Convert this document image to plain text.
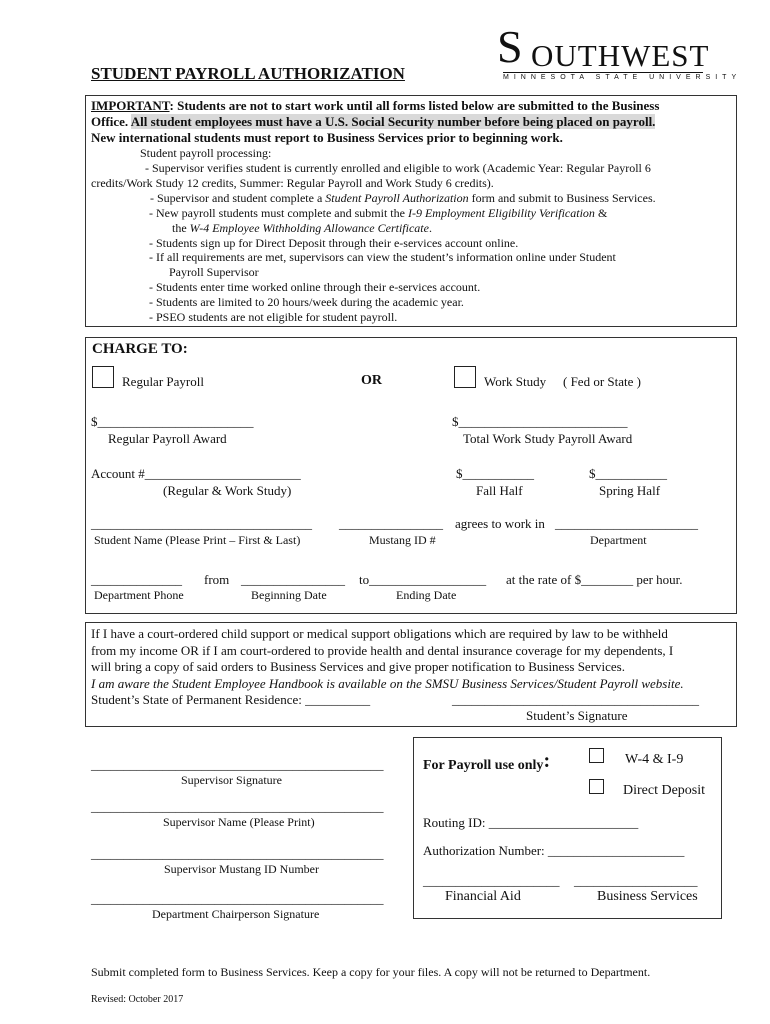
S OUTHWEST
MINNESOTA STATE UNIVERSITY
STUDENT PAYROLL AUTHORIZATION
IMPORTANT: Students are not to start work until all forms listed below are submitted to the Business
Office. All student employees must have a U.S. Social Security number before being placed on payroll.
New international students must report to Business Services prior to beginning work.
Student payroll processing:
- Supervisor verifies student is currently enrolled and eligible to work (Academic Year: Regular Payroll 6
credits/Work Study 12 credits, Summer: Regular Payroll and Work Study 6 credits).
- Supervisor and student complete a Student Payroll Authorization form and submit to Business Services.
- New payroll students must complete and submit the I-9 Employment Eligibility Verification &
the W-4 Employee Withholding Allowance Certificate.
- Students sign up for Direct Deposit through their e-services account online.
- If all requirements are met, supervisors can view the student’s information online under Student
Payroll Supervisor
- Students enter time worked online through their e-services account.
- Students are limited to 20 hours/week during the academic year.
- PSEO students are not eligible for student payroll.
CHARGE TO:
Regular Payroll	OR	Work Study ( Fed or State )
$________________________
Regular Payroll Award
$__________________________
Total Work Study Payroll Award
Account #________________________
(Regular & Work Study)
$___________
Fall Half
$___________
Spring Half
__________________________________ ________________ agrees to work in ______________________
Student Name (Please Print – First & Last)	Mustang ID #	Department
______________ from ________________ to__________________ at the rate of $________ per hour.
Department Phone	Beginning Date	Ending Date
If I have a court-ordered child support or medical support obligations which are required by law to be withheld
from my income OR if I am court-ordered to provide health and dental insurance coverage for my dependents, I
will bring a copy of said orders to Business Services and give proper notification to Business Services.
I am aware the Student Employee Handbook is available on the SMSU Business Services/Student Payroll website.
Student’s State of Permanent Residence: __________	______________________________________
Student’s Signature
_____________________________________________
Supervisor Signature
_____________________________________________
Supervisor Name (Please Print)
_____________________________________________
Supervisor Mustang ID Number
_____________________________________________
Department Chairperson Signature
For Payroll use only:	W-4 & I-9
Direct Deposit
Routing ID: _______________________
Authorization Number: _____________________
_____________________ ___________________
Financial Aid	Business Services
Submit completed form to Business Services. Keep a copy for your files. A copy will not be returned to Department.
Revised: October 2017
